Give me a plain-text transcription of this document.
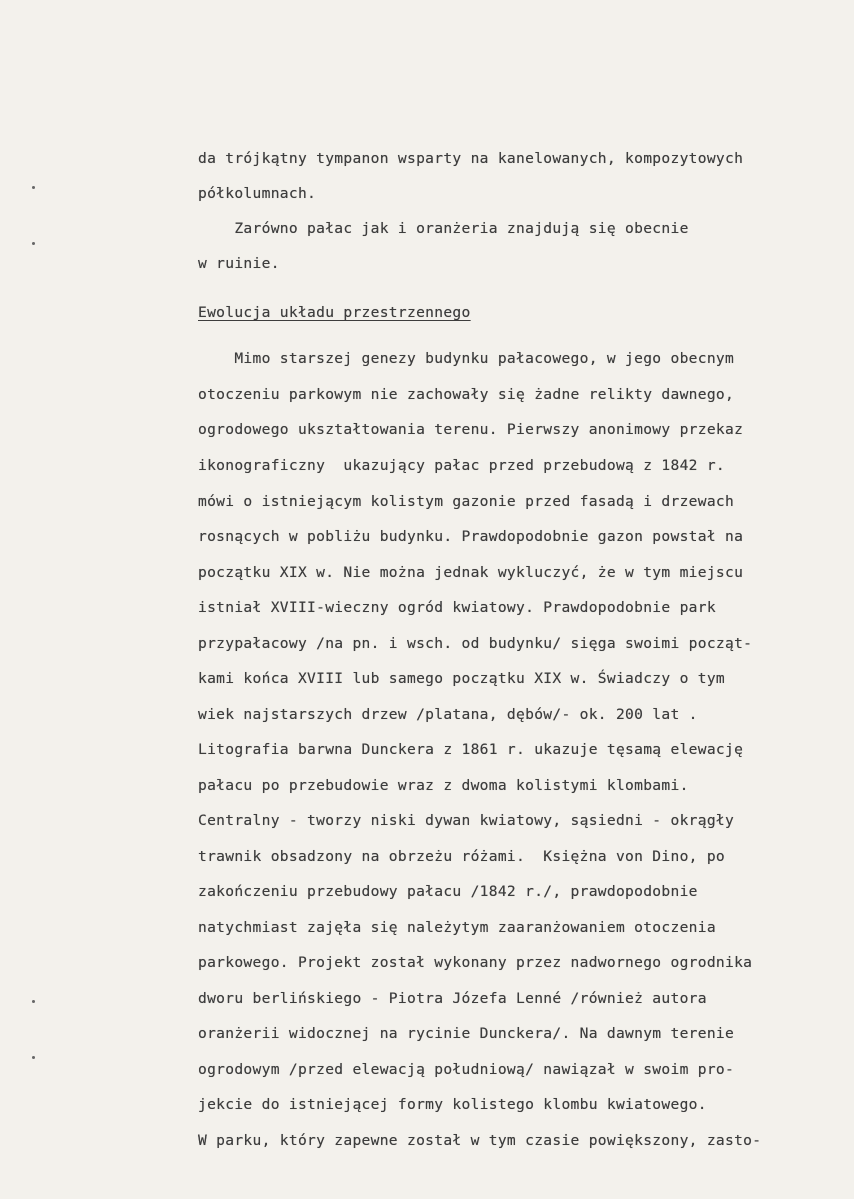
da trójkątny tympanon wsparty na kanelowanych, kompozytowych
półkolumnach.
Zarówno pałac jak i oranżeria znajdują się obecnie
w ruinie.
Ewolucja układu przestrzennego
Mimo starszej genezy budynku pałacowego, w jego obecnym
otoczeniu parkowym nie zachowały się żadne relikty dawnego,
ogrodowego ukształtowania terenu. Pierwszy anonimowy przekaz
ikonograficzny  ukazujący pałac przed przebudową z 1842 r.
mówi o istniejącym kolistym gazonie przed fasadą i drzewach
rosnących w pobliżu budynku. Prawdopodobnie gazon powstał na
początku XIX w. Nie można jednak wykluczyć, że w tym miejscu
istniał XVIII-wieczny ogród kwiatowy. Prawdopodobnie park
przypałacowy /na pn. i wsch. od budynku/ sięga swoimi począt-
kami końca XVIII lub samego początku XIX w. Świadczy o tym
wiek najstarszych drzew /platana, dębów/- ok. 200 lat .
Litografia barwna Dunckera z 1861 r. ukazuje tęsamą elewację
pałacu po przebudowie wraz z dwoma kolistymi klombami.
Centralny - tworzy niski dywan kwiatowy, sąsiedni - okrągły
trawnik obsadzony na obrzeżu różami.  Księżna von Dino, po
zakończeniu przebudowy pałacu /1842 r./, prawdopodobnie
natychmiast zajęła się należytym zaaranżowaniem otoczenia
parkowego. Projekt został wykonany przez nadwornego ogrodnika
dworu berlińskiego - Piotra Józefa Lenné /również autora
oranżerii widocznej na rycinie Dunckera/. Na dawnym terenie
ogrodowym /przed elewacją południową/ nawiązał w swoim pro-
jekcie do istniejącej formy kolistego klombu kwiatowego.
W parku, który zapewne został w tym czasie powiększony, zasto-
